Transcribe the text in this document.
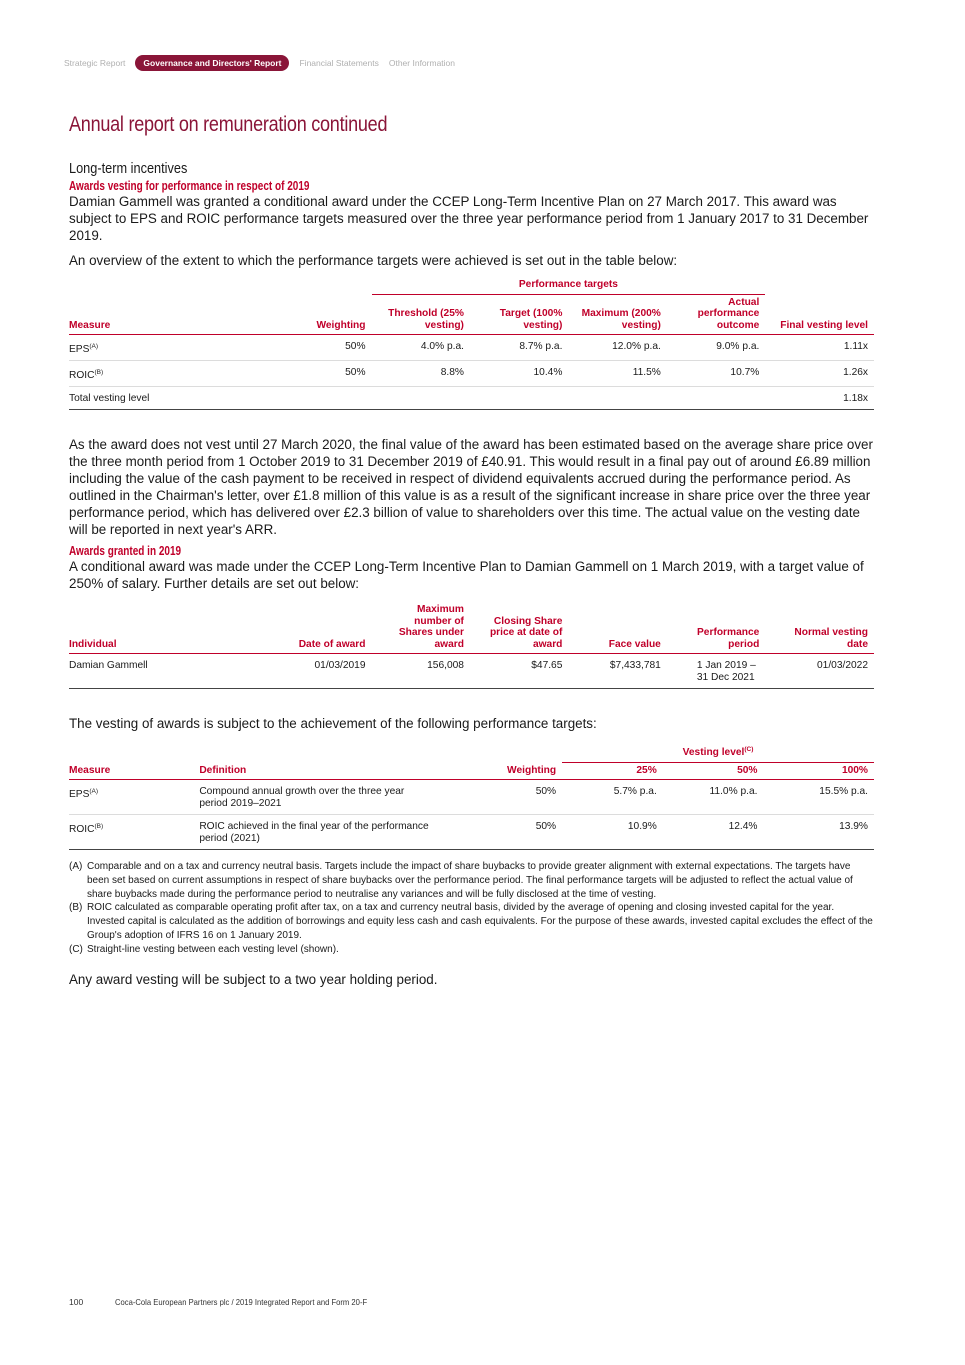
Strategic Report	Governance and Directors' Report	Financial Statements Other Information
Annual report on remuneration continued
Long-term incentives
Awards vesting for performance in respect of 2019

Damian Gammell was granted a conditional award under the CCEP Long-Term Incentive Plan on 27 March 2017. This award was subject to EPS and ROIC performance targets measured over the three year performance period from 1 January 2017 to 31 December 2019.

An overview of the extent to which the performance targets were achieved is set out in the table below:

		Performance targets				
Measure	Weighting	Threshold (25% vesting)	Target (100% vesting)	Maximum (200% vesting)	Actual performance outcome	Final vesting level
$EPS^{(A)}$	50%	4.0% p.a.	8.7% p.a.	12.0% p.a.	9.0% p.a.	1.11x
$ROIC^{(B)}$	50%	8.8%	10.4%	11.5%	10.7%	1.26x
Total vesting level						1.18x

As the award does not vest until 27 March 2020, the final value of the award has been estimated based on the average share price over the three month period from 1 October 2019 to 31 December 2019 of £40.91. This would result in a final pay out of around £6.89 million including the value of the cash payment to be received in respect of dividend equivalents accrued during the performance period. As outlined in the Chairman's letter, over £1.8 million of this value is as a result of the significant increase in share price over the three year performance period, which has delivered over £2.3 billion of value to shareholders over this time. The actual value on the vesting date will be reported in next year's ARR.

Awards granted in 2019

A conditional award was made under the CCEP Long-Term Incentive Plan to Damian Gammell on 1 March 2019, with a target value of 250% of salary. Further details are set out below:

Individual	Date of award	Maximum number of Shares under award	Closing Share price at date of award	Face value	Performance period	Normal vesting date
Damian Gammell	01/03/2019	156,008	$47.65	$7,433,781	1 Jan 2019 – 31 Dec 2021	01/03/2022

The vesting of awards is subject to the achievement of the following performance targets:

			Vesting level$^{(C)}$
Measure	Definition	Weighting	25%	50%	100%
$EPS^{(A)}$	Compound annual growth over the three year period 2019–2021	50%	5.7% p.a.	11.0% p.a.	15.5% p.a.
$ROIC^{(B)}$	ROIC achieved in the final year of the performance period (2021)	50%	10.9%	12.4%	13.9%
(A) Comparable and on a tax and currency neutral basis. Targets include the impact of share buybacks to provide greater alignment with external expectations. The targets have been set based on current assumptions in respect of share buybacks over the performance period. The final performance targets will be adjusted to reflect the actual value of share buybacks made during the performance period to neutralise any variances and will be fully disclosed at the time of vesting.
(B) ROIC calculated as comparable operating profit after tax, on a tax and currency neutral basis, divided by the average of opening and closing invested capital for the year. Invested capital is calculated as the addition of borrowings and equity less cash and cash equivalents. For the purpose of these awards, invested capital excludes the effect of the Group's adoption of IFRS 16 on 1 January 2019.
(C) Straight-line vesting between each vesting level (shown).

Any award vesting will be subject to a two year holding period.

100	Coca-Cola European Partners plc / 2019 Integrated Report and Form 20-F
